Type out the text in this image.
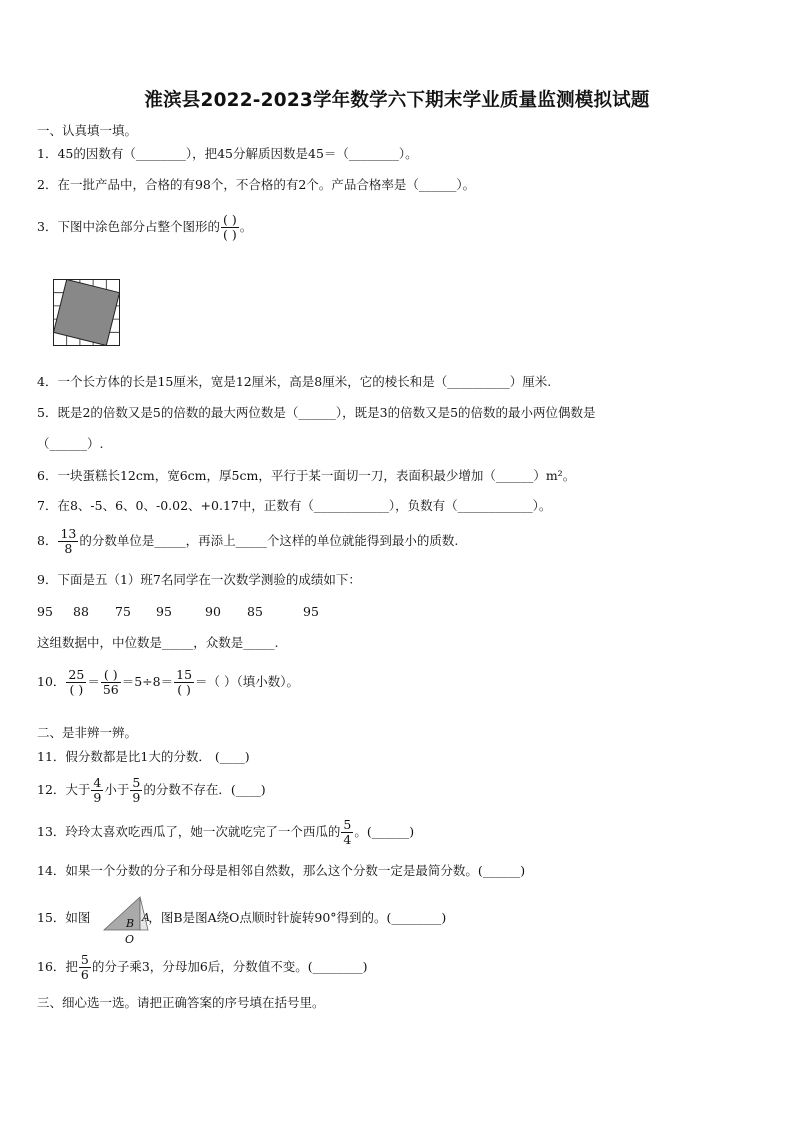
淮滨县2022-2023学年数学六下期末学业质量监测模拟试题
一、认真填一填。
1．45的因数有（________），把45分解质因数是45＝（________）。
2．在一批产品中，合格的有98个，不合格的有2个。产品合格率是（______）。
3．下图中涂色部分占整个图形的 $\frac{( )}{( )}$ 。
4．一个长方体的长是15厘米，宽是12厘米，高是8厘米，它的棱长和是（__________）厘米.
5．既是2的倍数又是5的倍数的最大两位数是（______），既是3的倍数又是5的倍数的最小两位偶数是
（______）.
6．一块蛋糕长12cm，宽6cm，厚5cm，平行于某一面切一刀，表面积最少增加（______）m²。
7．在8、-5、6、0、-0.02、+0.17中，正数有（____________），负数有（____________）。
8． $\frac{13}{8}$ 的分数单位是_____，再添上_____个这样的单位就能得到最小的质数.
9．下面是五（1）班7名同学在一次数学测验的成绩如下：
95 88 75 95	90 85	95
这组数据中，中位数是_____，众数是_____.
10． $\frac{25}{( )} = \frac{( )}{56} =5\div 8= \frac{15}{( )}$ ＝（ ）（填小数）。
二、是非辨一辨。
11．假分数都是比1大的分数． (____)
12．大于 $\frac{4}{9}$ 小于 $\frac{5}{9}$ 的分数不存在．(____)
13．玲玲太喜欢吃西瓜了，她一次就吃完了一个西瓜的 $\frac{5}{4}$ 。(______)
14．如果一个分数的分子和分母是相邻自然数，那么这个分数一定是最简分数。(______)
15．如图	，图B是图A绕O点顺时针旋转90°得到的。(________)
B A
O
16．把 $\frac{5}{6}$ 的分子乘3，分母加6后，分数值不变。(________)
三、细心选一选。请把正确答案的序号填在括号里。
